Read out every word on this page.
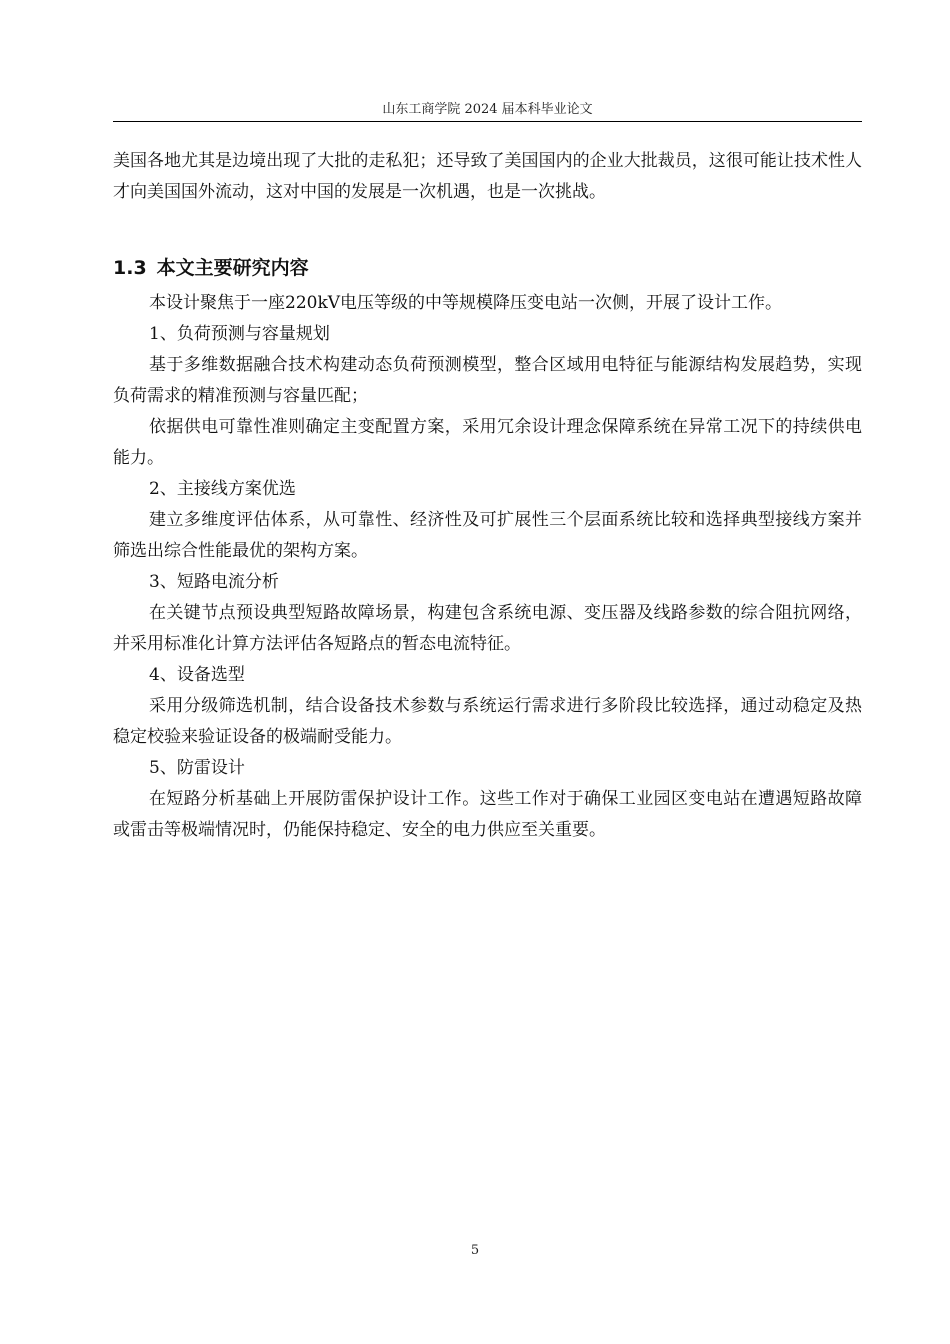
山东工商学院 2024 届本科毕业论文

美国各地尤其是边境出现了大批的走私犯；还导致了美国国内的企业大批裁员，这很可能让技术性人才向美国国外流动，这对中国的发展是一次机遇，也是一次挑战。

1.3 本文主要研究内容

本设计聚焦于一座220kV电压等级的中等规模降压变电站一次侧，开展了设计工作。

1、负荷预测与容量规划

基于多维数据融合技术构建动态负荷预测模型，整合区域用电特征与能源结构发展趋势，实现负荷需求的精准预测与容量匹配；

依据供电可靠性准则确定主变配置方案，采用冗余设计理念保障系统在异常工况下的持续供电能力。

2、主接线方案优选

建立多维度评估体系，从可靠性、经济性及可扩展性三个层面系统比较和选择典型接线方案并筛选出综合性能最优的架构方案。

3、短路电流分析

在关键节点预设典型短路故障场景，构建包含系统电源、变压器及线路参数的综合阻抗网络，并采用标准化计算方法评估各短路点的暂态电流特征。

4、设备选型

采用分级筛选机制，结合设备技术参数与系统运行需求进行多阶段比较选择，通过动稳定及热稳定校验来验证设备的极端耐受能力。

5、防雷设计

在短路分析基础上开展防雷保护设计工作。这些工作对于确保工业园区变电站在遭遇短路故障或雷击等极端情况时，仍能保持稳定、安全的电力供应至关重要。

5
